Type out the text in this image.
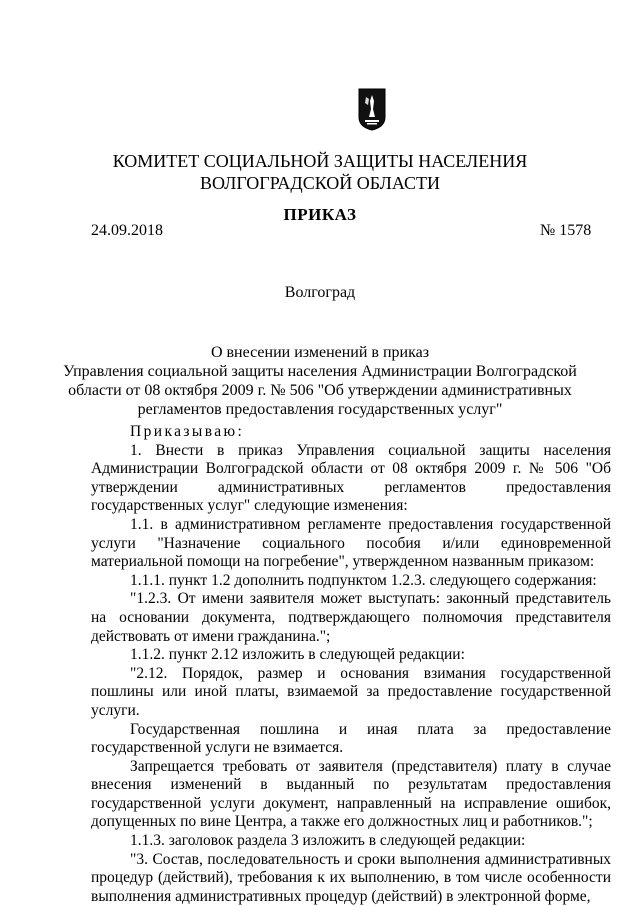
КОМИТЕТ СОЦИАЛЬНОЙ ЗАЩИТЫ НАСЕЛЕНИЯ
ВОЛГОГРАДСКОЙ ОБЛАСТИ
ПРИКАЗ
24.09.2018	№ 1578
Волгоград
О внесении изменений в приказ
Управления социальной защиты населения Администрации Волгоградской
области от 08 октября 2009 г. № 506 "Об утверждении административных
регламентов предоставления государственных услуг"

Приказываю:

1. Внести в приказ Управления социальной защиты населения Администрации Волгоградской области от 08 октября 2009 г. № 506 "Об утверждении административных регламентов предоставления государственных услуг" следующие изменения:

1.1. в административном регламенте предоставления государственной услуги "Назначение социального пособия и/или единовременной материальной помощи на погребение", утвержденном названным приказом:

1.1.1. пункт 1.2 дополнить подпунктом 1.2.3. следующего содержания:

"1.2.3. От имени заявителя может выступать: законный представитель на основании документа, подтверждающего полномочия представителя действовать от имени гражданина.";

1.1.2. пункт 2.12 изложить в следующей редакции:

"2.12. Порядок, размер и основания взимания государственной пошлины или иной платы, взимаемой за предоставление государственной услуги.

Государственная пошлина и иная плата за предоставление государственной услуги не взимается.

Запрещается требовать от заявителя (представителя) плату в случае внесения изменений в выданный по результатам предоставления государственной услуги документ, направленный на исправление ошибок, допущенных по вине Центра, а также его должностных лиц и работников.";

1.1.3. заголовок раздела 3 изложить в следующей редакции:

"3. Состав, последовательность и сроки выполнения административных процедур (действий), требования к их выполнению, в том числе особенности выполнения административных процедур (действий) в электронной форме,
